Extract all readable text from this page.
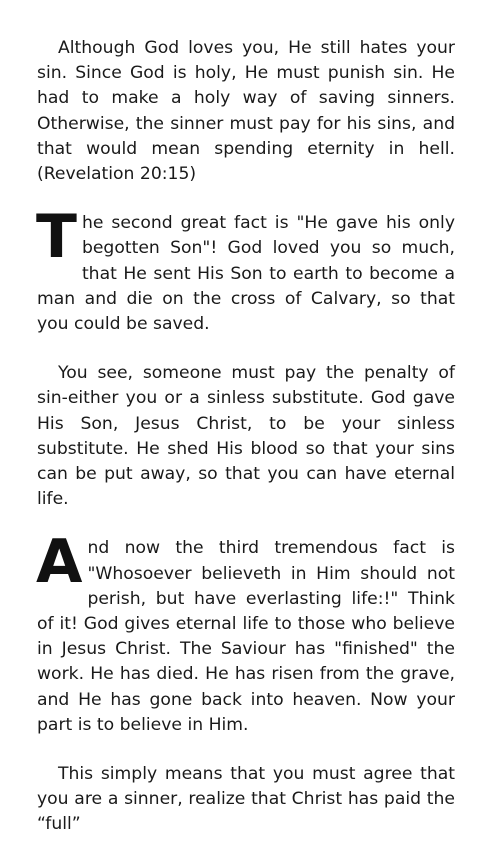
Although God loves you, He still hates your sin. Since God is holy, He must punish sin. He had to make a holy way of saving sinners. Otherwise, the sinner must pay for his sins, and that would mean spending eternity in hell. (Revelation 20:15)

The second great fact is "He gave his only begotten Son"! God loved you so much, that He sent His Son to earth to become a man and die on the cross of Calvary, so that you could be saved.

You see, someone must pay the penalty of sin-either you or a sinless substitute. God gave His Son, Jesus Christ, to be your sinless substitute. He shed His blood so that your sins can be put away, so that you can have eternal life.

And now the third tremendous fact is "Whosoever believeth in Him should not perish, but have everlasting life:!" Think of it! God gives eternal life to those who believe in Jesus Christ. The Saviour has "finished" the work. He has died. He has risen from the grave, and He has gone back into heaven. Now your part is to believe in Him.

This simply means that you must agree that you are a sinner, realize that Christ has paid the “full”
